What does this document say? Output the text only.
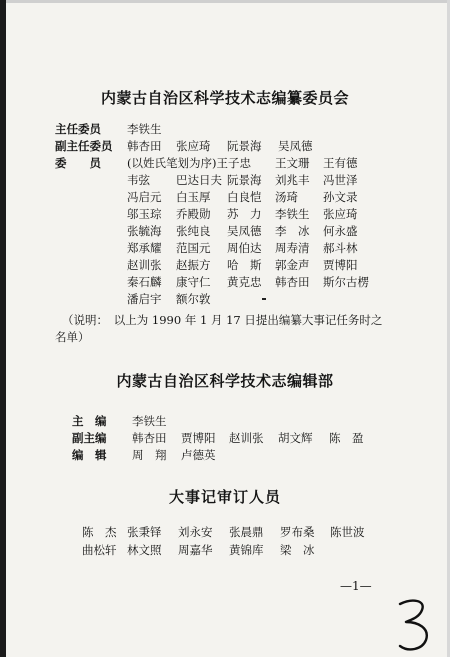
内蒙古自治区科学技术志编纂委员会
主任委员 李铁生
副主任委员 韩杏田 张应琦 阮景海 吴凤德
委　　员 (以姓氏笔划为序)王子忠 王文珊 王有德
韦弦 巴达日夫 阮景海 刘兆丰 冯世泽
冯启元 白玉厚 白良恺 汤琦 孙文录
邬玉琮 乔殿勋 苏　力 李铁生 张应琦
张毓海 张纯良 吴凤德 李　冰 何永盛
郑承耀 范国元 周伯达 周寿清 郝斗林
赵训张 赵振方 哈　斯 郭金声 贾博阳
秦石麟 康守仁 黄克忠 韩杏田 斯尔古楞
潘启宇 额尔敦
（说明：　以上为 1990 年 1 月 17 日提出编纂大事记任务时之
名单）
内蒙古自治区科学技术志编辑部
主　编 李铁生
副主编 韩杏田 贾博阳 赵训张 胡文辉 陈　盈
编　辑 周　翔 卢德英
大事记审订人员
陈　杰 张秉铎 刘永安 张晨鼎 罗布桑 陈世波
曲松轩 林文照 周嘉华 黄锦库 梁　冰
—1—
